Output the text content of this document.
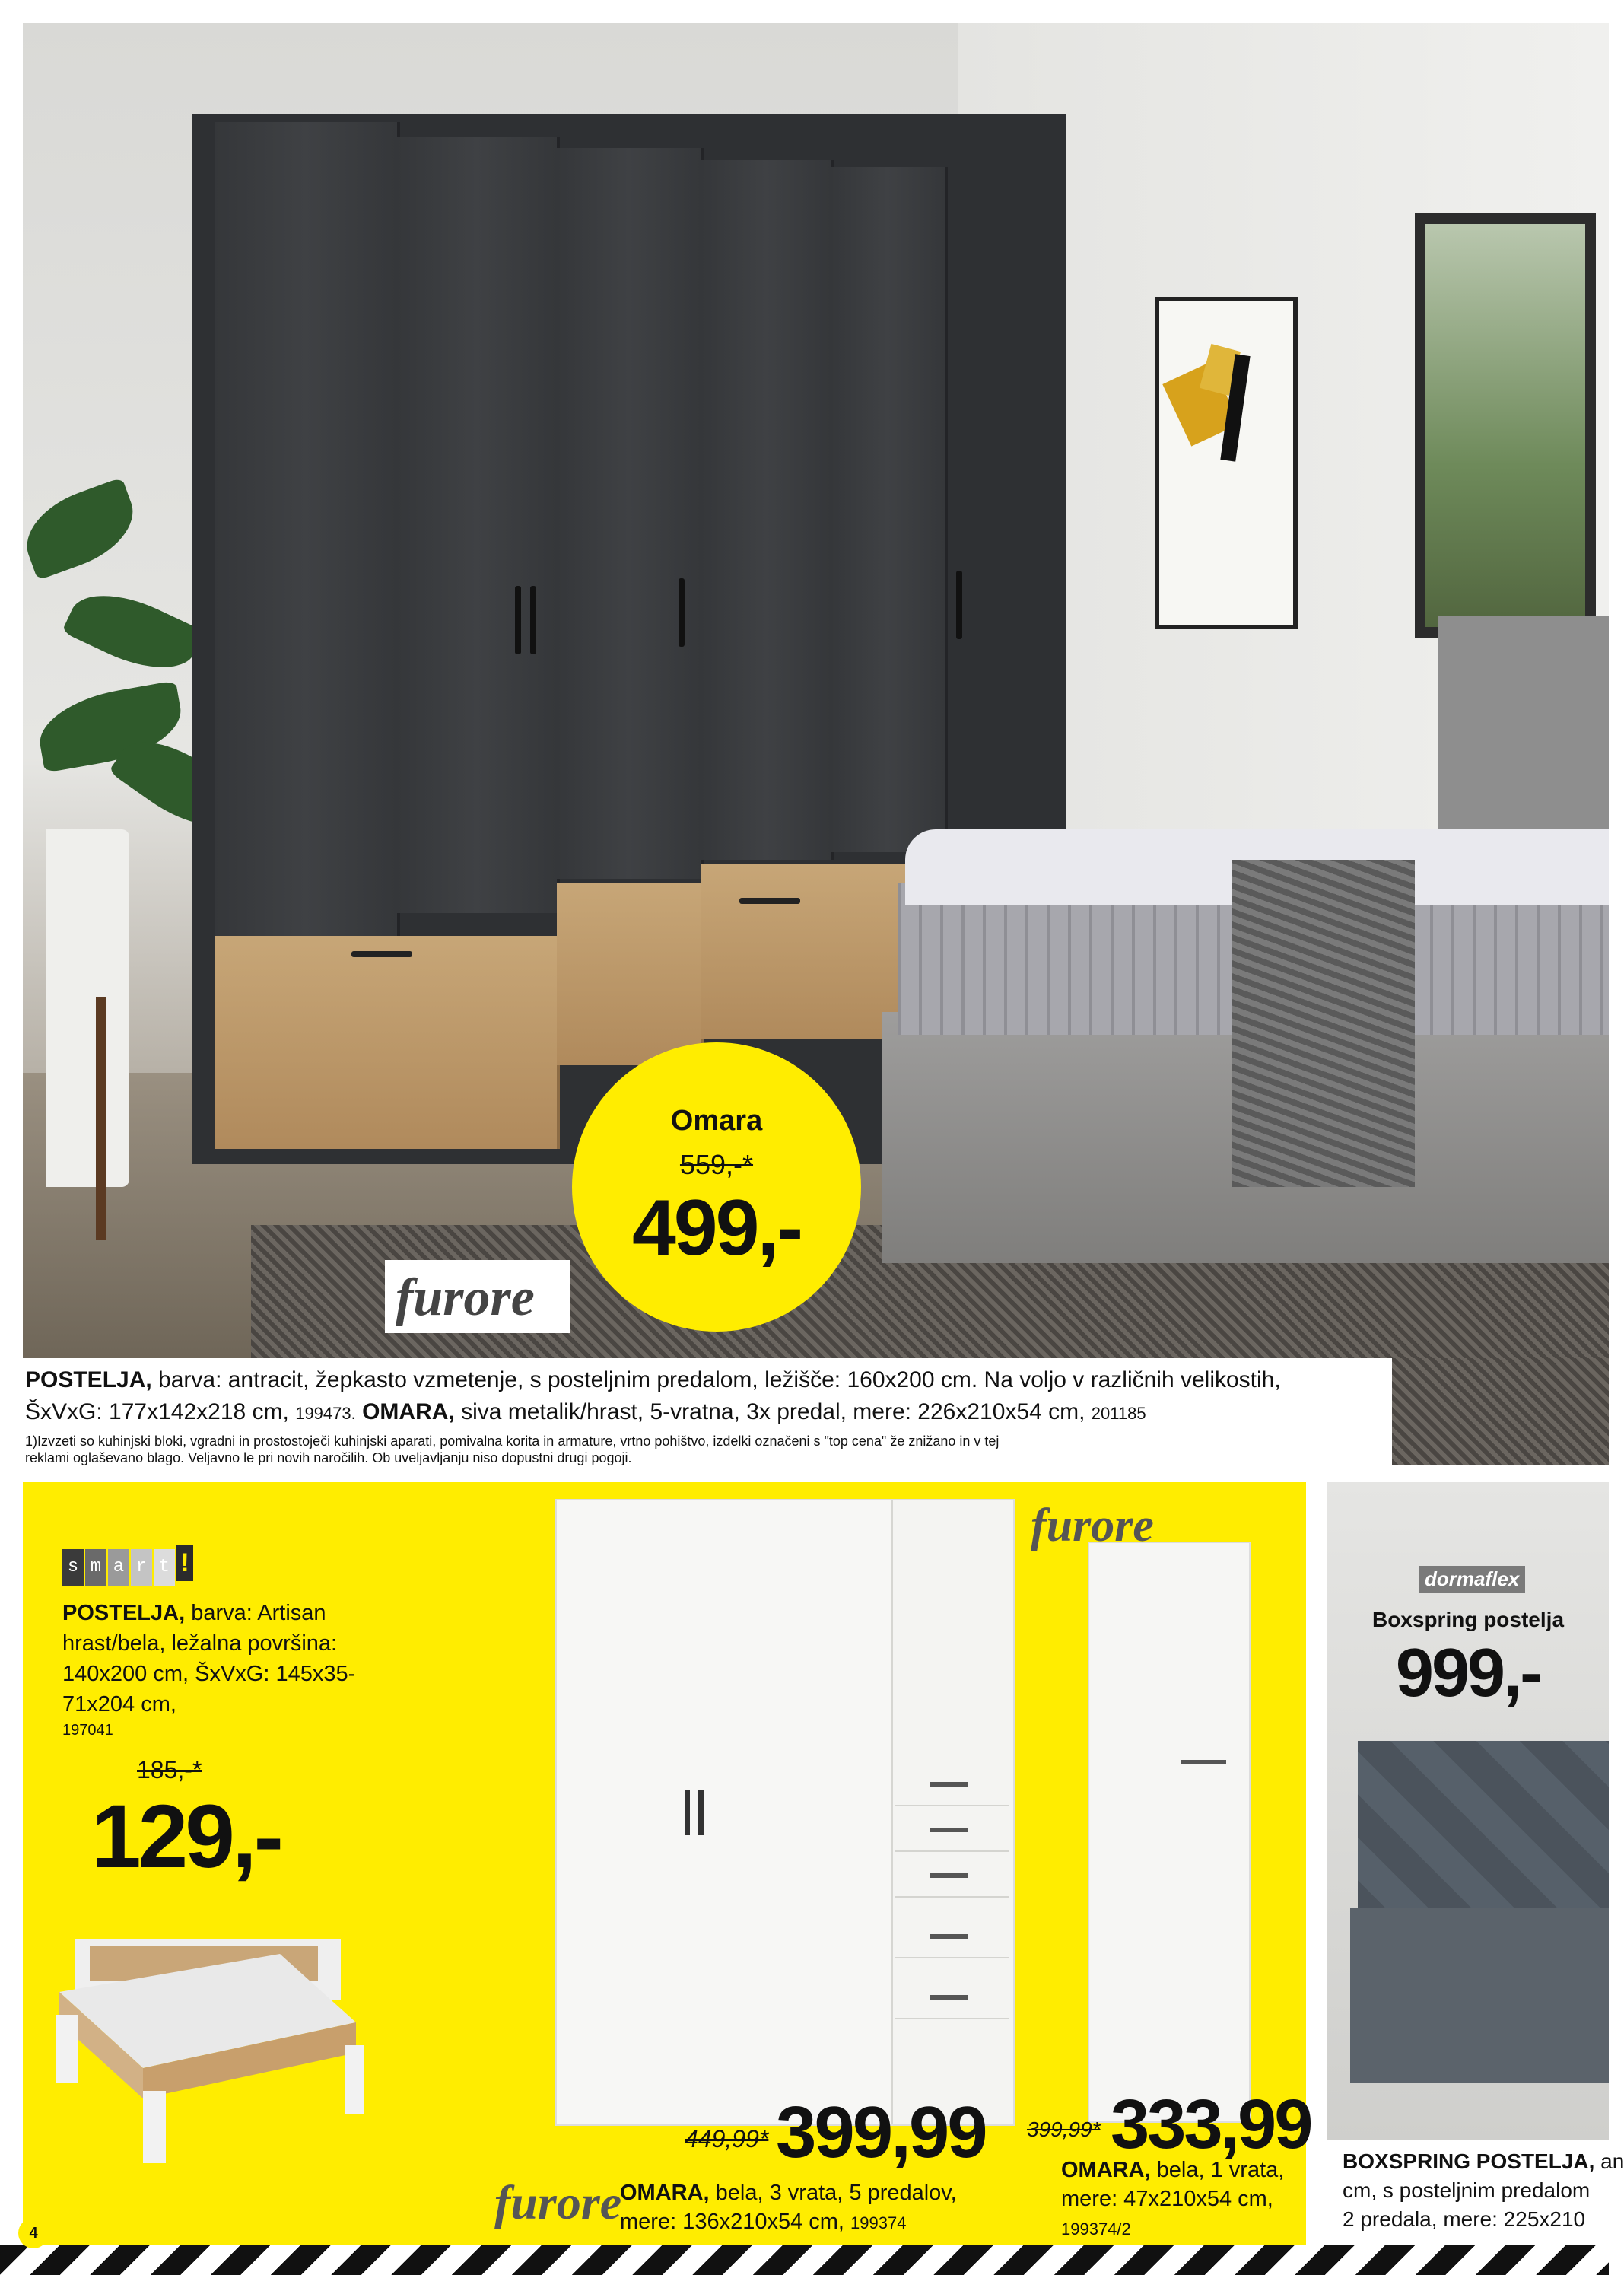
Omara
559,-*
499,-
furore
POSTELJA, barva: antracit, žepkasto vzmetenje, s posteljnim predalom, ležišče: 160x200 cm. Na voljo v različnih velikostih,
ŠxVxG: 177x142x218 cm, 199473. OMARA, siva metalik/hrast, 5-vratna, 3x predal, mere: 226x210x54 cm, 201185
1)Izvzeti so kuhinjski bloki, vgradni in prostostoječi kuhinjski aparati, pomivalna korita in armature, vrtno pohištvo, izdelki označeni s "top cena" že znižano in v tej
reklami oglaševano blago. Veljavno le pri novih naročilih. Ob uveljavljanju niso dopustni drugi pogoji.
s m a r t !
POSTELJA, barva: Artisan hrast/bela, ležalna površina: 140x200 cm, ŠxVxG: 145x35-71x204 cm,
197041
185,-*
129,-
furore
449,99* 399,99
furore
OMARA, bela, 3 vrata, 5 predalov,
mere: 136x210x54 cm, 199374
399,99* 333,99
OMARA, bela, 1 vrata,
mere: 47x210x54 cm,
199374/2
dormaflex
Boxspring postelja
999,-
BOXSPRING POSTELJA, an
cm, s posteljnim predalom
2 predala, mere: 225x210
4
